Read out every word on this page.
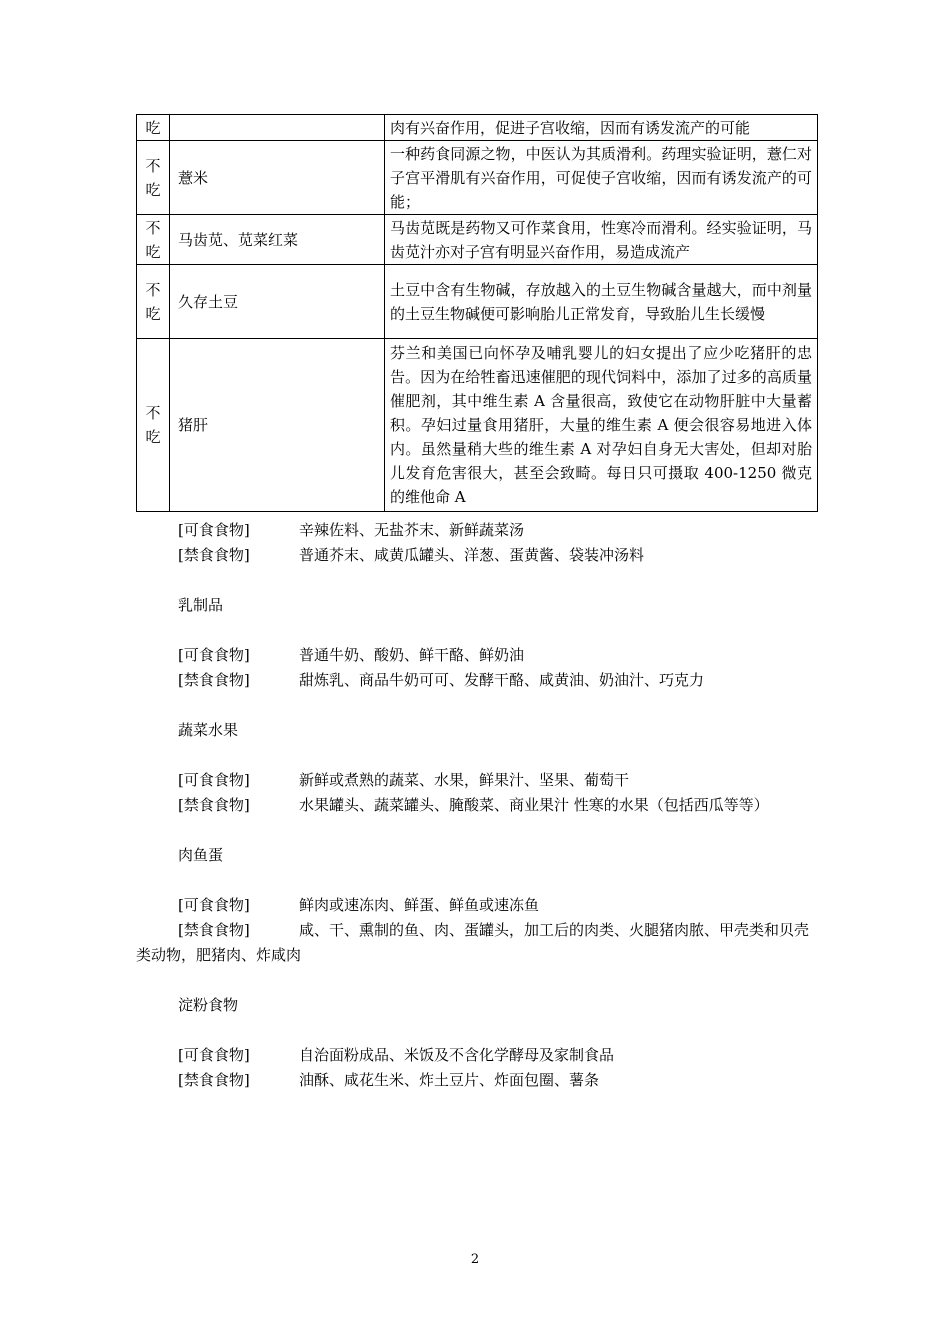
吃		肉有兴奋作用，促进子宫收缩，因而有诱发流产的可能

不吃	薏米	一种药食同源之物，中医认为其质滑利。药理实验证明，薏仁对子宫平滑肌有兴奋作用，可促使子宫收缩，因而有诱发流产的可能；

不吃	马齿苋、苋菜红菜	马齿苋既是药物又可作菜食用，性寒冷而滑利。经实验证明，马齿苋汁亦对子宫有明显兴奋作用，易造成流产

不吃	久存土豆	土豆中含有生物碱，存放越入的土豆生物碱含量越大，而中剂量的土豆生物碱便可影响胎儿正常发育，导致胎儿生长缓慢

不吃	猪肝	芬兰和美国已向怀孕及哺乳婴儿的妇女提出了应少吃猪肝的忠告。因为在给牲畜迅速催肥的现代饲料中，添加了过多的高质量催肥剂，其中维生素 A 含量很高，致使它在动物肝脏中大量蓄积。孕妇过量食用猪肝，大量的维生素 A 便会很容易地进入体内。虽然量稍大些的维生素 A 对孕妇自身无大害处，但却对胎儿发育危害很大，甚至会致畸。每日只可摄取 400-1250 微克的维他命 A
[可食食物]	辛辣佐料、无盐芥末、新鲜蔬菜汤
[禁食食物]	普通芥末、咸黄瓜罐头、洋葱、蛋黄酱、袋装冲汤料
乳制品
[可食食物]	普通牛奶、酸奶、鲜干酪、鲜奶油
[禁食食物]	甜炼乳、商品牛奶可可、发酵干酪、咸黄油、奶油汁、巧克力
蔬菜水果
[可食食物]	新鲜或煮熟的蔬菜、水果，鲜果汁、坚果、葡萄干
[禁食食物]	水果罐头、蔬菜罐头、腌酸菜、商业果汁 性寒的水果（包括西瓜等等）
肉鱼蛋
[可食食物]	鲜肉或速冻肉、鲜蛋、鲜鱼或速冻鱼
[禁食食物]	咸、干、熏制的鱼、肉、蛋罐头，加工后的肉类、火腿猪肉脓、甲壳类和贝壳类动物，肥猪肉、炸咸肉
淀粉食物
[可食食物]	自治面粉成品、米饭及不含化学酵母及家制食品
[禁食食物]	油酥、咸花生米、炸土豆片、炸面包圈、薯条
2
